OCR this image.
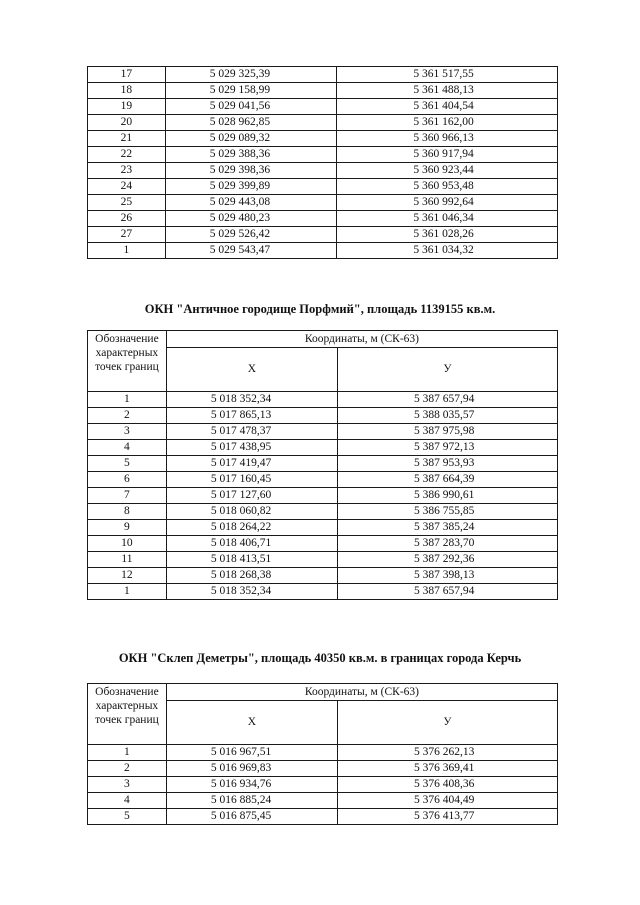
17	5 029 325,39	5 361 517,55
18	5 029 158,99	5 361 488,13
19	5 029 041,56	5 361 404,54
20	5 028 962,85	5 361 162,00
21	5 029 089,32	5 360 966,13
22	5 029 388,36	5 360 917,94
23	5 029 398,36	5 360 923,44
24	5 029 399,89	5 360 953,48
25	5 029 443,08	5 360 992,64
26	5 029 480,23	5 361 046,34
27	5 029 526,42	5 361 028,26
1	5 029 543,47	5 361 034,32
ОКН "Античное городище Порфмий", площадь 1139155 кв.м.
Обозначение характерных точек границ	Координаты, м (СК-63)	
	X	У
1	5 018 352,34	5 387 657,94
2	5 017 865,13	5 388 035,57
3	5 017 478,37	5 387 975,98
4	5 017 438,95	5 387 972,13
5	5 017 419,47	5 387 953,93
6	5 017 160,45	5 387 664,39
7	5 017 127,60	5 386 990,61
8	5 018 060,82	5 386 755,85
9	5 018 264,22	5 387 385,24
10	5 018 406,71	5 387 283,70
11	5 018 413,51	5 387 292,36
12	5 018 268,38	5 387 398,13
1	5 018 352,34	5 387 657,94
ОКН "Склеп Деметры", площадь 40350 кв.м. в границах города Керчь
Обозначение характерных точек границ	Координаты, м (СК-63)	
	X	У
1	5 016 967,51	5 376 262,13
2	5 016 969,83	5 376 369,41
3	5 016 934,76	5 376 408,36
4	5 016 885,24	5 376 404,49
5	5 016 875,45	5 376 413,77
